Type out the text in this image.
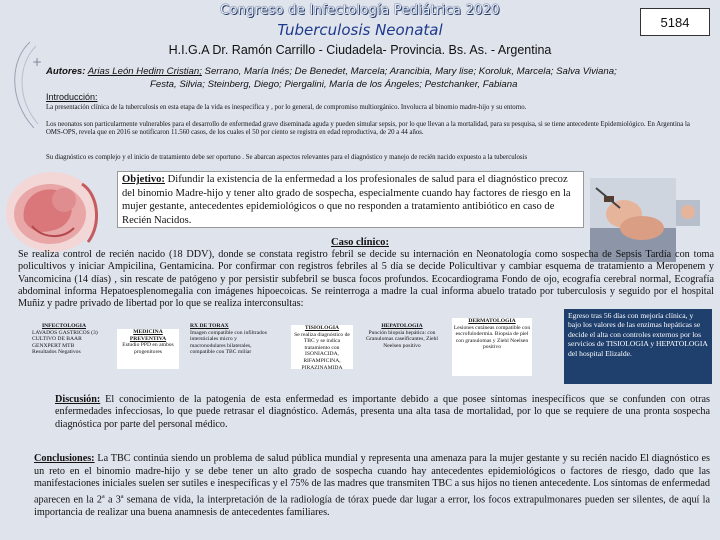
+
Congreso de Infectología Pediátrica 2020
Tuberculosis Neonatal	5184
H.I.G.A Dr. Ramón Carrillo - Ciudadela- Provincia. Bs. As. - Argentina
Autores: Arias León Hedim Cristian; Serrano, María Inés; De Benedet, Marcela; Arancibia, Mary lise; Koroluk, Marcela; Salva Viviana;
Festa, Silvia; Steinberg, Diego; Piergalini, María de los Ángeles; Pestchanker, Fabiana
Introducción:
La presentación clínica de la tuberculosis en esta etapa de la vida es inespecífica y , por lo general, de compromiso multiorgánico. Involucra al binomio madre-hijo y su entorno.
Los neonatos son particularmente vulnerables para el desarrollo de enfermedad grave diseminada aguda y pueden simular sepsis, por lo que llevan a la mortalidad, para su pesquisa, si se tiene antecedente Epidemiológico. En Argentina la OMS-OPS, revela que en 2016 se notificaron 11.560 casos, de los cuales el 50 por ciento se registra en edad reproductiva, de 20 a 44 años.
Su diagnóstico es complejo y el inicio de tratamiento debe ser oportuno . Se abarcan aspectos relevantes para el diagnóstico y manejo de recién nacido expuesto a la tuberculosis
Objetivo: Difundir la existencia de la enfermedad a los profesionales de salud para el diagnóstico precoz del binomio Madre-hijo y tener alto grado de sospecha, especialmente cuando hay factores de riesgo en la mujer gestante, antecedentes epidemiológicos o que no responden a tratamiento antibiótico en caso de Recién Nacidos.
Caso clínico:
Se realiza control de recién nacido (18 DDV), donde se constata registro febril se decide su internación en Neonatología como sospecha de Sepsis Tardía con toma policultivos y iniciar Ampicilina, Gentamicina. Por confirmar con registros febriles al 5 día se decide Policultivar y cambiar esquema de tratamiento a Meropenem y Vancomicina (14 días) , sin rescate de patógeno y por persistir subfebril se busca focos profundos. Ecocardiograma Fondo de ojo, ecografía cerebral normal, Ecografía abdominal informa Hepatoesplenomegalia con imágenes hipoecoicas. Se reinterroga a madre la cual informa abuelo tratado por tuberculosis y seguido por el hospital Muñiz y padre privado de libertad por lo que se realiza interconsultas:
INFECTOLOGIA
LAVADOS GASTRICOS (3)
CULTIVO DE BAAR
GENXPERT MTB
Resultados Negativos
MEDICINA PREVENTIVA
Estudio PPD en ambos progenitores
RX DE TORAX
Imagen compatible con infiltrados intersticiales micro y macronodulares bilaterales, compatible con TBC miliar
TISIOLOGIA
Se realiza diagnóstico de TBC y se indica tratamiento con ISONIACIDA, RIFAMPICINA, PIRAZINAMIDA
HEPATOLOGIA
Punción biopsia hepática: con Granulomas caseificantes, Ziehl Neelsen positivo
DERMATOLOGIA
Lesiones cutáneas compatible con escrofulodermia. Biopsia de piel con granulomas y Ziehl Neelsen positivo
Egreso tras 56 días con mejoría clínica, y bajo los valores de las enzimas hepáticas se decide el alta con controles externos por los servicios de TISIOLOGIA y HEPATOLOGIA del hospital Elizalde.
Discusión: El conocimiento de la patogenia de esta enfermedad es importante debido a que posee síntomas inespecíficos que se confunden con otras enfermedades infecciosas, lo que puede retrasar el diagnóstico. Además, presenta una alta tasa de mortalidad, por lo que se requiere de una pronta sospecha diagnóstica por parte del personal médico.
Conclusiones: La TBC continúa siendo un problema de salud pública mundial y representa una amenaza para la mujer gestante y su recién nacido El diagnóstico es un reto en el binomio madre-hijo y se debe tener un alto grado de sospecha cuando hay antecedentes epidemiológicos o factores de riesgo, dado que las manifestaciones iniciales suelen ser sutiles e inespecíficas y el 75% de las madres que transmiten TBC a sus hijos no tienen antecedente. Los síntomas de enfermedad aparecen en la 2$^a$ a 3$^a$ semana de vida, la interpretación de la radiología de tórax puede dar lugar a error, los focos extrapulmonares pueden ser silentes, de aquí la importancia de realizar una buena anamnesis de antecedentes familiares.
